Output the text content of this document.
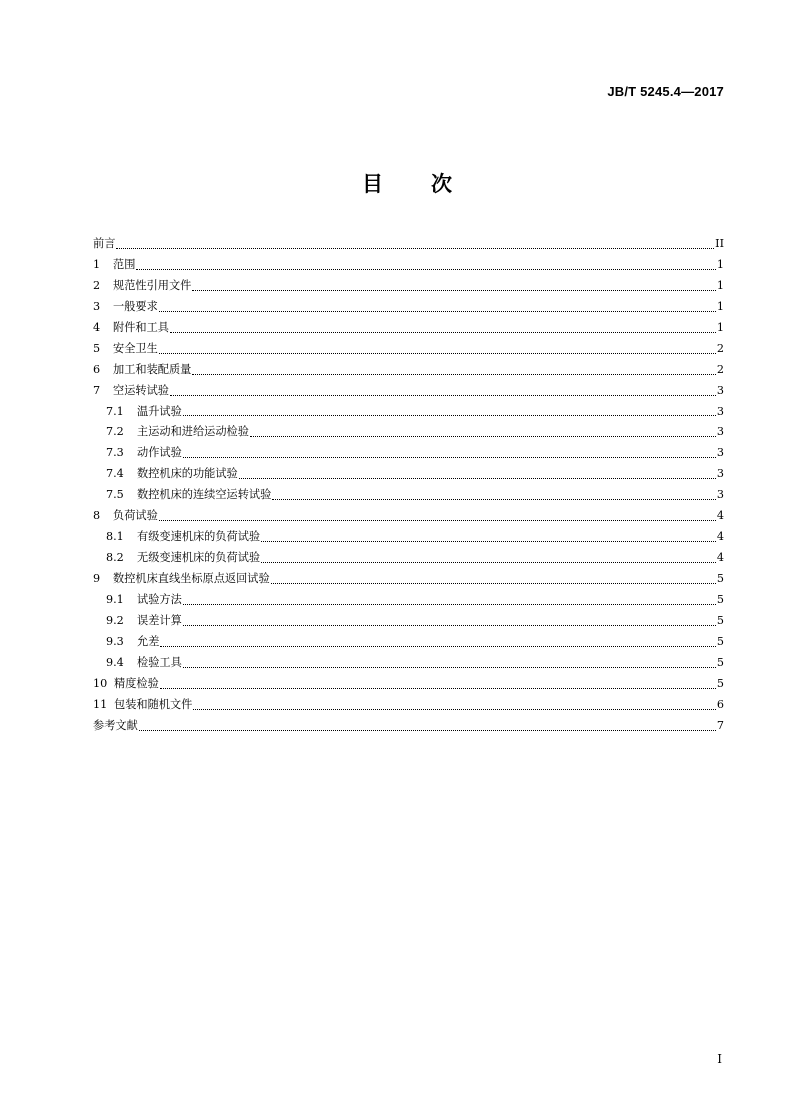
JB/T 5245.4—2017
目 次
前言	II
1	范围	1
2	规范性引用文件	1
3	一般要求	1
4	附件和工具	1
5	安全卫生	2
6	加工和装配质量	2
7	空运转试验	3
7.1	温升试验	3
7.2	主运动和进给运动检验	3
7.3	动作试验	3
7.4	数控机床的功能试验	3
7.5	数控机床的连续空运转试验	3
8	负荷试验	4
8.1	有级变速机床的负荷试验	4
8.2	无级变速机床的负荷试验	4
9	数控机床直线坐标原点返回试验	5
9.1	试验方法	5
9.2	误差计算	5
9.3	允差	5
9.4	检验工具	5
10 精度检验	5
11 包装和随机文件	6
参考文献	7
I
